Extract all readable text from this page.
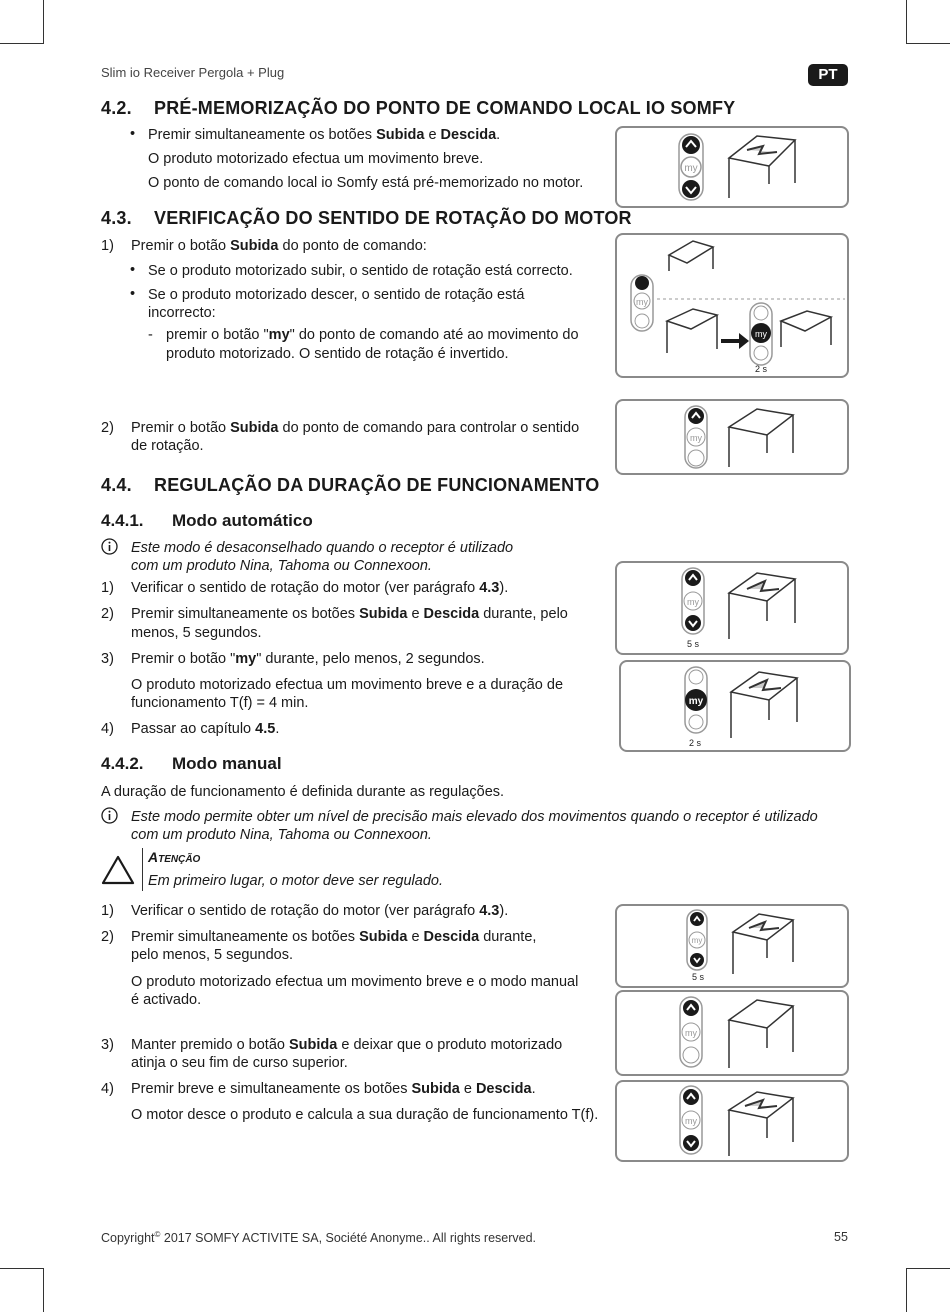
Slim io Receiver Pergola + Plug	PT
4.2. PRÉ-MEMORIZAÇÃO DO PONTO DE COMANDO LOCAL IO SOMFY
• Premir simultaneamente os botões Subida e Descida.
O produto motorizado efectua um movimento breve.
O ponto de comando local io Somfy está pré-memorizado no motor.
my
4.3. VERIFICAÇÃO DO SENTIDO DE ROTAÇÃO DO MOTOR
1) Premir o botão Subida do ponto de comando:
• Se o produto motorizado subir, o sentido de rotação está correcto.
• Se o produto motorizado descer, o sentido de rotação está
incorrecto:
- premir o botão "my" do ponto de comando até ao movimento do
produto motorizado. O sentido de rotação é invertido.
my
my
2 s
2) Premir o botão Subida do ponto de comando para controlar o sentido
de rotação.	my
4.4. REGULAÇÃO DA DURAÇÃO DE FUNCIONAMENTO
4.4.1. Modo automático
Este modo é desaconselhado quando o receptor é utilizado
com um produto Nina, Tahoma ou Connexoon.
1) Verificar o sentido de rotação do motor (ver parágrafo 4.3).
2) Premir simultaneamente os botões Subida e Descida durante, pelo
menos, 5 segundos.
3) Premir o botão "my" durante, pelo menos, 2 segundos.
O produto motorizado efectua um movimento breve e a duração de
funcionamento T(f) = 4 min.
4) Passar ao capítulo 4.5.
my
5 s
my
2 s
4.4.2. Modo manual
A duração de funcionamento é definida durante as regulações.
Este modo permite obter um nível de precisão mais elevado dos movimentos quando o receptor é utilizado
com um produto Nina, Tahoma ou Connexoon.
Atenção
Em primeiro lugar, o motor deve ser regulado.
1) Verificar o sentido de rotação do motor (ver parágrafo 4.3).
2) Premir simultaneamente os botões Subida e Descida durante,
pelo menos, 5 segundos.
O produto motorizado efectua um movimento breve e o modo manual
é activado.
3) Manter premido o botão Subida e deixar que o produto motorizado
atinja o seu fim de curso superior.
4) Premir breve e simultaneamente os botões Subida e Descida.
O motor desce o produto e calcula a sua duração de funcionamento T(f).
my
5 s
my
my
Copyright© 2017 SOMFY ACTIVITE SA, Société Anonyme.. All rights reserved.	55
